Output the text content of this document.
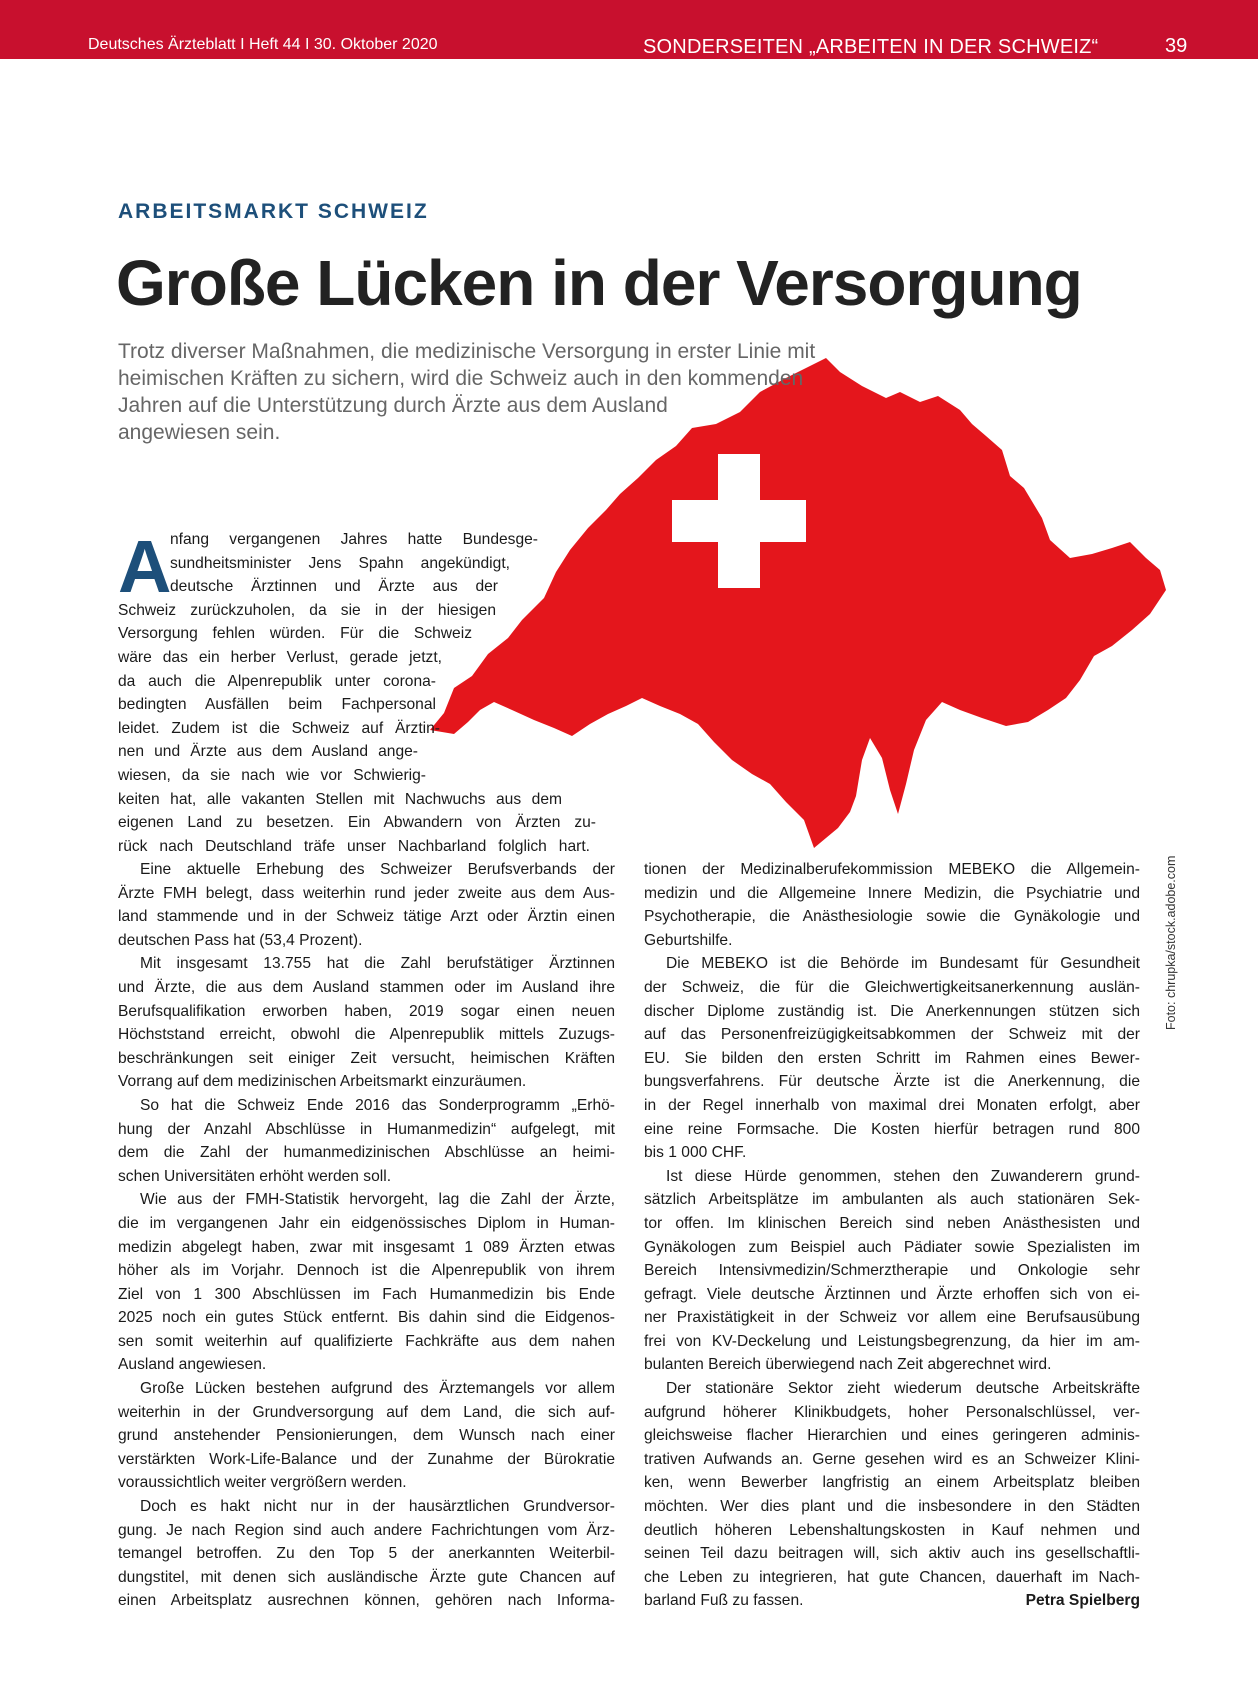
Deutsches Ärzteblatt I Heft 44 I 30. Oktober 2020	SONDERSEITEN „ARBEITEN IN DER SCHWEIZ“	39
ARBEITSMARKT SCHWEIZ
Große Lücken in der Versorgung
Trotz diverser Maßnahmen, die medizinische Versorgung in erster Linie mit
heimischen Kräften zu sichern, wird die Schweiz auch in den kommenden
Jahren auf die Unterstützung durch Ärzte aus dem Ausland
angewiesen sein.
A
nfang vergangenen Jahres hatte Bundesge-
sundheitsminister Jens Spahn angekündigt,
deutsche Ärztinnen und Ärzte aus der
Schweiz zurückzuholen, da sie in der hiesigen
Versorgung fehlen würden. Für die Schweiz
wäre das ein herber Verlust, gerade jetzt,
da auch die Alpenrepublik unter corona-
bedingten Ausfällen beim Fachpersonal
leidet. Zudem ist die Schweiz auf Ärztin-
nen und Ärzte aus dem Ausland ange-
wiesen, da sie nach wie vor Schwierig-
keiten hat, alle vakanten Stellen mit Nachwuchs aus dem
eigenen Land zu besetzen. Ein Abwandern von Ärzten zu-
rück nach Deutschland träfe unser Nachbarland folglich hart.
Eine aktuelle Erhebung des Schweizer Berufsverbands der
Ärzte FMH belegt, dass weiterhin rund jeder zweite aus dem Aus-
land stammende und in der Schweiz tätige Arzt oder Ärztin einen
deutschen Pass hat (53,4 Prozent).
Mit insgesamt 13.755 hat die Zahl berufstätiger Ärztinnen
und Ärzte, die aus dem Ausland stammen oder im Ausland ihre
Berufsqualifikation erworben haben, 2019 sogar einen neuen
Höchststand erreicht, obwohl die Alpenrepublik mittels Zuzugs-
beschränkungen seit einiger Zeit versucht, heimischen Kräften
Vorrang auf dem medizinischen Arbeitsmarkt einzuräumen.
So hat die Schweiz Ende 2016 das Sonderprogramm „Erhö-
hung der Anzahl Abschlüsse in Humanmedizin“ aufgelegt, mit
dem die Zahl der humanmedizinischen Abschlüsse an heimi-
schen Universitäten erhöht werden soll.
Wie aus der FMH-Statistik hervorgeht, lag die Zahl der Ärzte,
die im vergangenen Jahr ein eidgenössisches Diplom in Human-
medizin abgelegt haben, zwar mit insgesamt 1 089 Ärzten etwas
höher als im Vorjahr. Dennoch ist die Alpenrepublik von ihrem
Ziel von 1 300 Abschlüssen im Fach Humanmedizin bis Ende
2025 noch ein gutes Stück entfernt. Bis dahin sind die Eidgenos-
sen somit weiterhin auf qualifizierte Fachkräfte aus dem nahen
Ausland angewiesen.
Große Lücken bestehen aufgrund des Ärztemangels vor allem
weiterhin in der Grundversorgung auf dem Land, die sich auf-
grund anstehender Pensionierungen, dem Wunsch nach einer
verstärkten Work-Life-Balance und der Zunahme der Bürokratie
voraussichtlich weiter vergrößern werden.
Doch es hakt nicht nur in der hausärztlichen Grundversor-
gung. Je nach Region sind auch andere Fachrichtungen vom Ärz-
temangel betroffen. Zu den Top 5 der anerkannten Weiterbil-
dungstitel, mit denen sich ausländische Ärzte gute Chancen auf
einen Arbeitsplatz ausrechnen können, gehören nach Informa-
tionen der Medizinalberufekommission MEBEKO die Allgemein-
medizin und die Allgemeine Innere Medizin, die Psychiatrie und
Psychotherapie, die Anästhesiologie sowie die Gynäkologie und
Geburtshilfe.
Die MEBEKO ist die Behörde im Bundesamt für Gesundheit
der Schweiz, die für die Gleichwertigkeitsanerkennung auslän-
discher Diplome zuständig ist. Die Anerkennungen stützen sich
auf das Personenfreizügigkeitsabkommen der Schweiz mit der
EU. Sie bilden den ersten Schritt im Rahmen eines Bewer-
bungsverfahrens. Für deutsche Ärzte ist die Anerkennung, die
in der Regel innerhalb von maximal drei Monaten erfolgt, aber
eine reine Formsache. Die Kosten hierfür betragen rund 800
bis 1 000 CHF.
Ist diese Hürde genommen, stehen den Zuwanderern grund-
sätzlich Arbeitsplätze im ambulanten als auch stationären Sek-
tor offen. Im klinischen Bereich sind neben Anästhesisten und
Gynäkologen zum Beispiel auch Pädiater sowie Spezialisten im
Bereich Intensivmedizin/Schmerztherapie und Onkologie sehr
gefragt. Viele deutsche Ärztinnen und Ärzte erhoffen sich von ei-
ner Praxistätigkeit in der Schweiz vor allem eine Berufsausübung
frei von KV-Deckelung und Leistungsbegrenzung, da hier im am-
bulanten Bereich überwiegend nach Zeit abgerechnet wird.
Der stationäre Sektor zieht wiederum deutsche Arbeitskräfte
aufgrund höherer Klinikbudgets, hoher Personalschlüssel, ver-
gleichsweise flacher Hierarchien und eines geringeren adminis-
trativen Aufwands an. Gerne gesehen wird es an Schweizer Klini-
ken, wenn Bewerber langfristig an einem Arbeitsplatz bleiben
möchten. Wer dies plant und die insbesondere in den Städten
deutlich höheren Lebenshaltungskosten in Kauf nehmen und
seinen Teil dazu beitragen will, sich aktiv auch ins gesellschaftli-
che Leben zu integrieren, hat gute Chancen, dauerhaft im Nach-
barland Fuß zu fassen.	Petra Spielberg
Foto: chrupka/stock.adobe.com
